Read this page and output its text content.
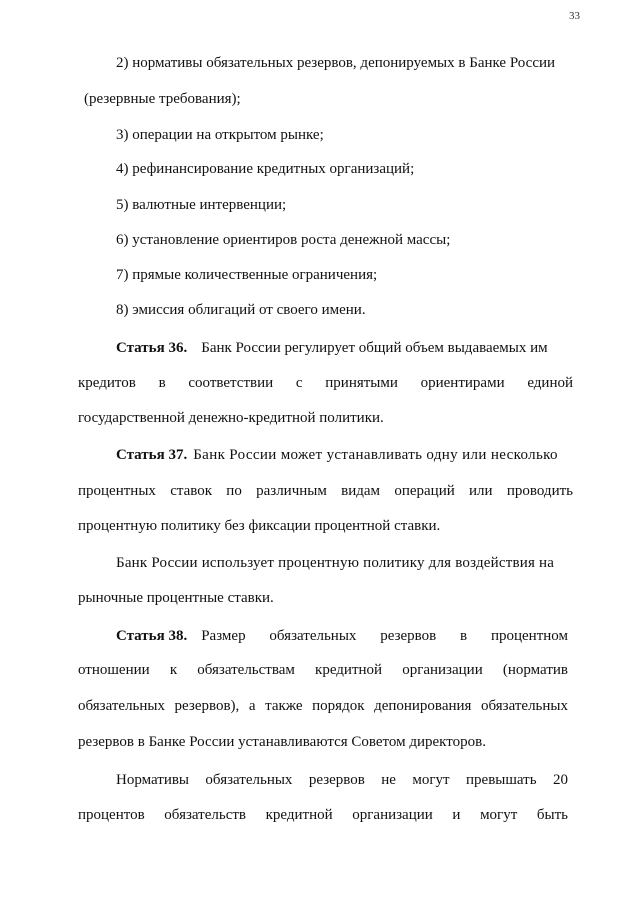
33
2) нормативы обязательных резервов, депонируемых в Банке России
(резервные требования);
3) операции на открытом рынке;
4) рефинансирование кредитных организаций;
5) валютные интервенции;
6) установление ориентиров роста денежной массы;
7) прямые количественные ограничения;
8) эмиссия облигаций от своего имени.
Статья 36. Банк России регулирует общий объем выдаваемых им
кредитов в соответствии с принятыми ориентирами единой
государственной денежно-кредитной политики.
Статья 37. Банк России может устанавливать одну или несколько
процентных ставок по различным видам операций или проводить
процентную политику без фиксации процентной ставки.
Банк России использует процентную политику для воздействия на
рыночные процентные ставки.
Статья 38. Размер обязательных резервов в процентном
отношении к обязательствам кредитной организации (норматив
обязательных резервов), а также порядок депонирования обязательных
резервов в Банке России устанавливаются Советом директоров.
Нормативы обязательных резервов не могут превышать 20
процентов обязательств кредитной организации и могут быть
